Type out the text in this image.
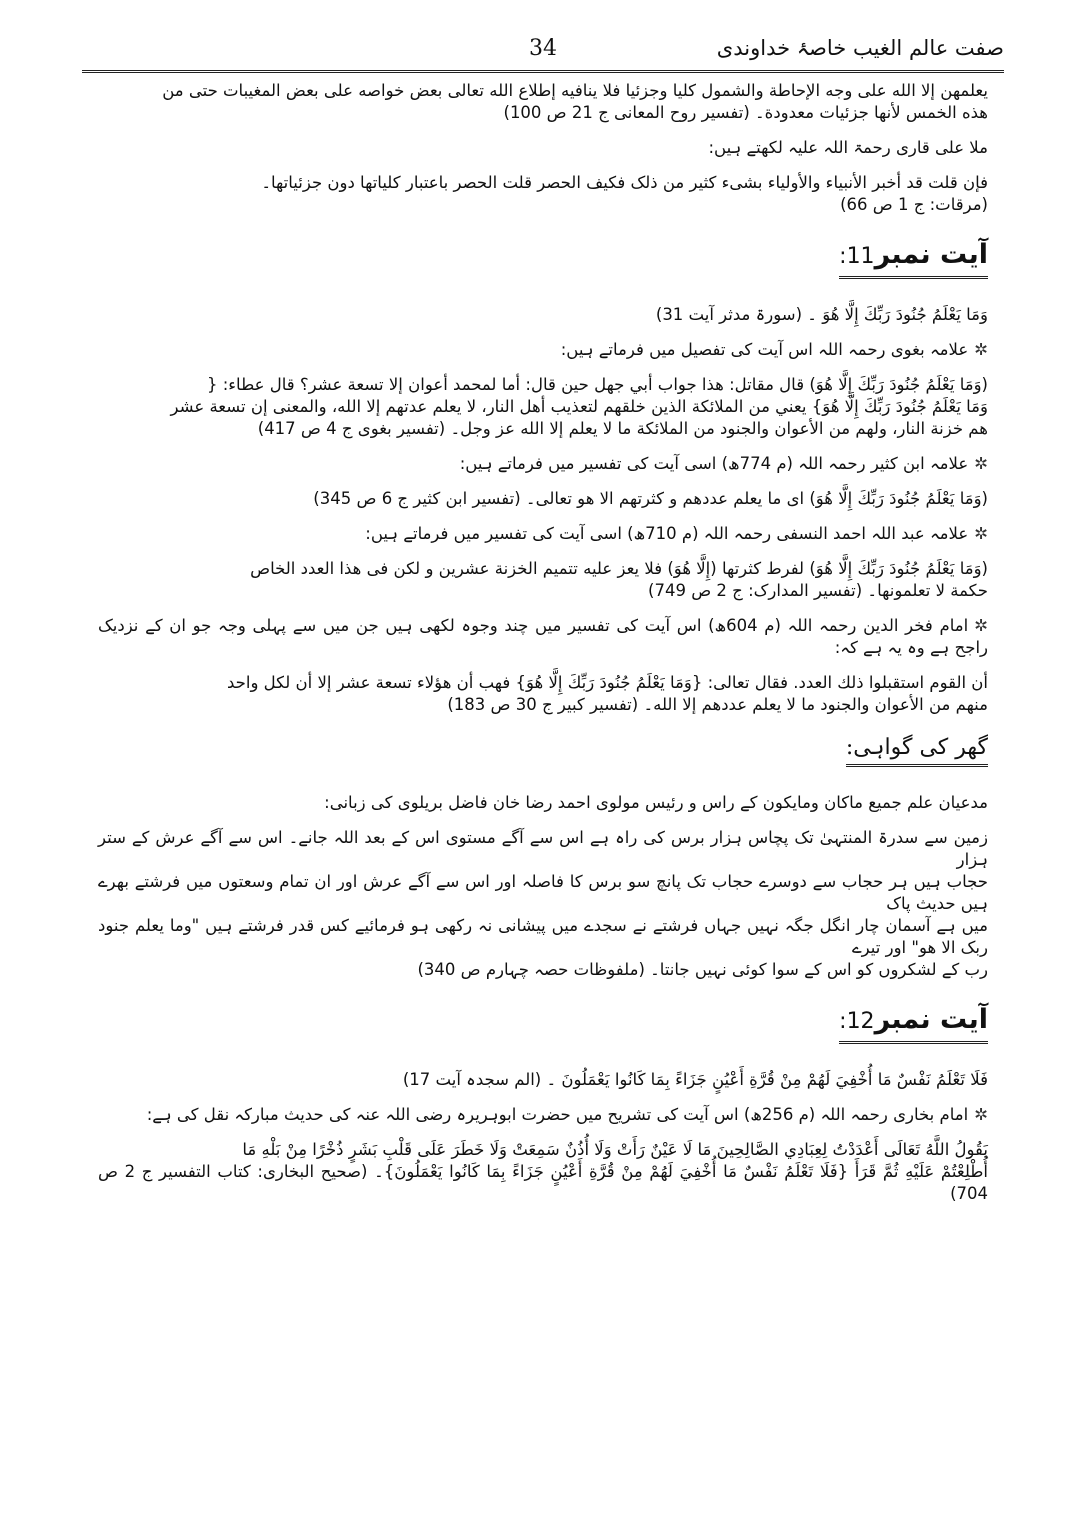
صفت عالم الغیب خاصۂ خداوندی
34

یعلمهن إلا الله علی وجه الإحاطة والشمول کلیا وجزئیا فلا ینافیه إطلاع الله تعالی بعض خواصه علی بعض المغیبات حتی من

هذه الخمس لأنها جزئیات معدودة۔ (تفسیر روح المعانی ج 21 ص 100)

ملا علی قاری رحمۃ اللہ علیہ لکھتے ہیں:

فإن قلت قد أخبر الأنبیاء والأولیاء بشیء کثیر من ذلک فکیف الحصر قلت الحصر باعتبار کلیاتها دون جزئیاتها۔

(مرقات: ج 1 ص 66)

آیت نمبر11:

وَمَا يَعْلَمُ جُنُودَ رَبِّكَ إِلَّا هُوَ ۔ (سورۃ مدثر آیت 31)

✲علامہ بغوی رحمہ اللہ اس آیت کی تفصیل میں فرماتے ہیں:

(وَمَا يَعْلَمُ جُنُودَ رَبِّكَ إِلَّا هُوَ) قال مقاتل: هذا جواب أبي جهل حين قال: أما لمحمد أعوان إلا تسعة عشر؟ قال عطاء: {

وَمَا يَعْلَمُ جُنُودَ رَبِّكَ إِلَّا هُوَ} يعني من الملائكة الذين خلقهم لتعذيب أهل النار، لا يعلم عدتهم إلا الله، والمعنى إن تسعة عشر

هم خزنة النار، ولهم من الأعوان والجنود من الملائكة ما لا يعلم إلا الله عز وجل۔ (تفسیر بغوی ج 4 ص 417)

✲علامہ ابن کثیر رحمہ اللہ (م 774ھ) اسی آیت کی تفسیر میں فرماتے ہیں:

(وَمَا يَعْلَمُ جُنُودَ رَبِّكَ إِلَّا هُوَ) ای ما یعلم عددهم و کثرتهم الا هو تعالی۔ (تفسیر ابن کثیر ج 6 ص 345)

✲علامہ عبد اللہ احمد النسفی رحمہ اللہ (م 710ھ) اسی آیت کی تفسیر میں فرماتے ہیں:

(وَمَا يَعْلَمُ جُنُودَ رَبِّكَ إِلَّا هُوَ) لفرط کثرتها (إِلَّا هُوَ) فلا یعز علیه تتمیم الخزنة عشرین و لکن فی هذا العدد الخاص

حکمة لا تعلمونها۔ (تفسیر المدارک: ج 2 ص 749)

✲امام فخر الدین رحمہ اللہ (م 604ھ) اس آیت کی تفسیر میں چند وجوہ لکھی ہیں جن میں سے پہلی وجہ جو ان کے نزدیک راجح ہے وہ یہ ہے کہ:

أن القوم استقبلوا ذلك العدد. فقال تعالى: {وَمَا يَعْلَمُ جُنُودَ رَبِّكَ إِلَّا هُوَ} فهب أن هؤلاء تسعة عشر إلا أن لكل واحد

منهم من الأعوان والجنود ما لا يعلم عددهم إلا الله۔ (تفسیر کبیر ج 30 ص 183)

گھر کی گواہی:

مدعیان علم جمیع ماکان ومایکون کے راس و رئیس مولوی احمد رضا خان فاضل بریلوی کی زبانی:

زمین سے سدرۃ المنتہیٰ تک پچاس ہزار برس کی راہ ہے اس سے آگے مستوی اس کے بعد اللہ جانے۔ اس سے آگے عرش کے ستر ہزار

حجاب ہیں ہر حجاب سے دوسرے حجاب تک پانچ سو برس کا فاصلہ اور اس سے آگے عرش اور ان تمام وسعتوں میں فرشتے بھرے ہیں حدیث پاک

میں ہے آسمان چار انگل جگہ نہیں جہاں فرشتے نے سجدے میں پیشانی نہ رکھی ہو فرمائیے کس قدر فرشتے ہیں "وما یعلم جنود ربک الا هو" اور تیرے

رب کے لشکروں کو اس کے سوا کوئی نہیں جانتا۔ (ملفوظات حصہ چہارم ص 340)

آیت نمبر12:

فَلَا تَعْلَمُ نَفْسٌ مَا أُخْفِيَ لَهُمْ مِنْ قُرَّةِ أَعْيُنٍ جَزَاءً بِمَا كَانُوا يَعْمَلُونَ ۔ (الم سجدہ آیت 17)

✲امام بخاری رحمہ اللہ (م 256ھ) اس آیت کی تشریح میں حضرت ابوہریرہ رضی اللہ عنہ کی حدیث مبارکہ نقل کی ہے:

يَقُولُ اللَّهُ تَعَالَى أَعْدَدْتُ لِعِبَادِي الصَّالِحِينَ مَا لَا عَيْنٌ رَأَتْ وَلَا أُذُنٌ سَمِعَتْ وَلَا خَطَرَ عَلَى قَلْبِ بَشَرٍ ذُخْرًا مِنْ بَلْهِ مَا

أُطْلِعْتُمْ عَلَيْهِ ثُمَّ قَرَأَ {فَلَا تَعْلَمُ نَفْسٌ مَا أُخْفِيَ لَهُمْ مِنْ قُرَّةِ أَعْيُنٍ جَزَاءً بِمَا كَانُوا يَعْمَلُونَ}۔ (صحیح البخاری: کتاب التفسیر ج 2 ص 704)
